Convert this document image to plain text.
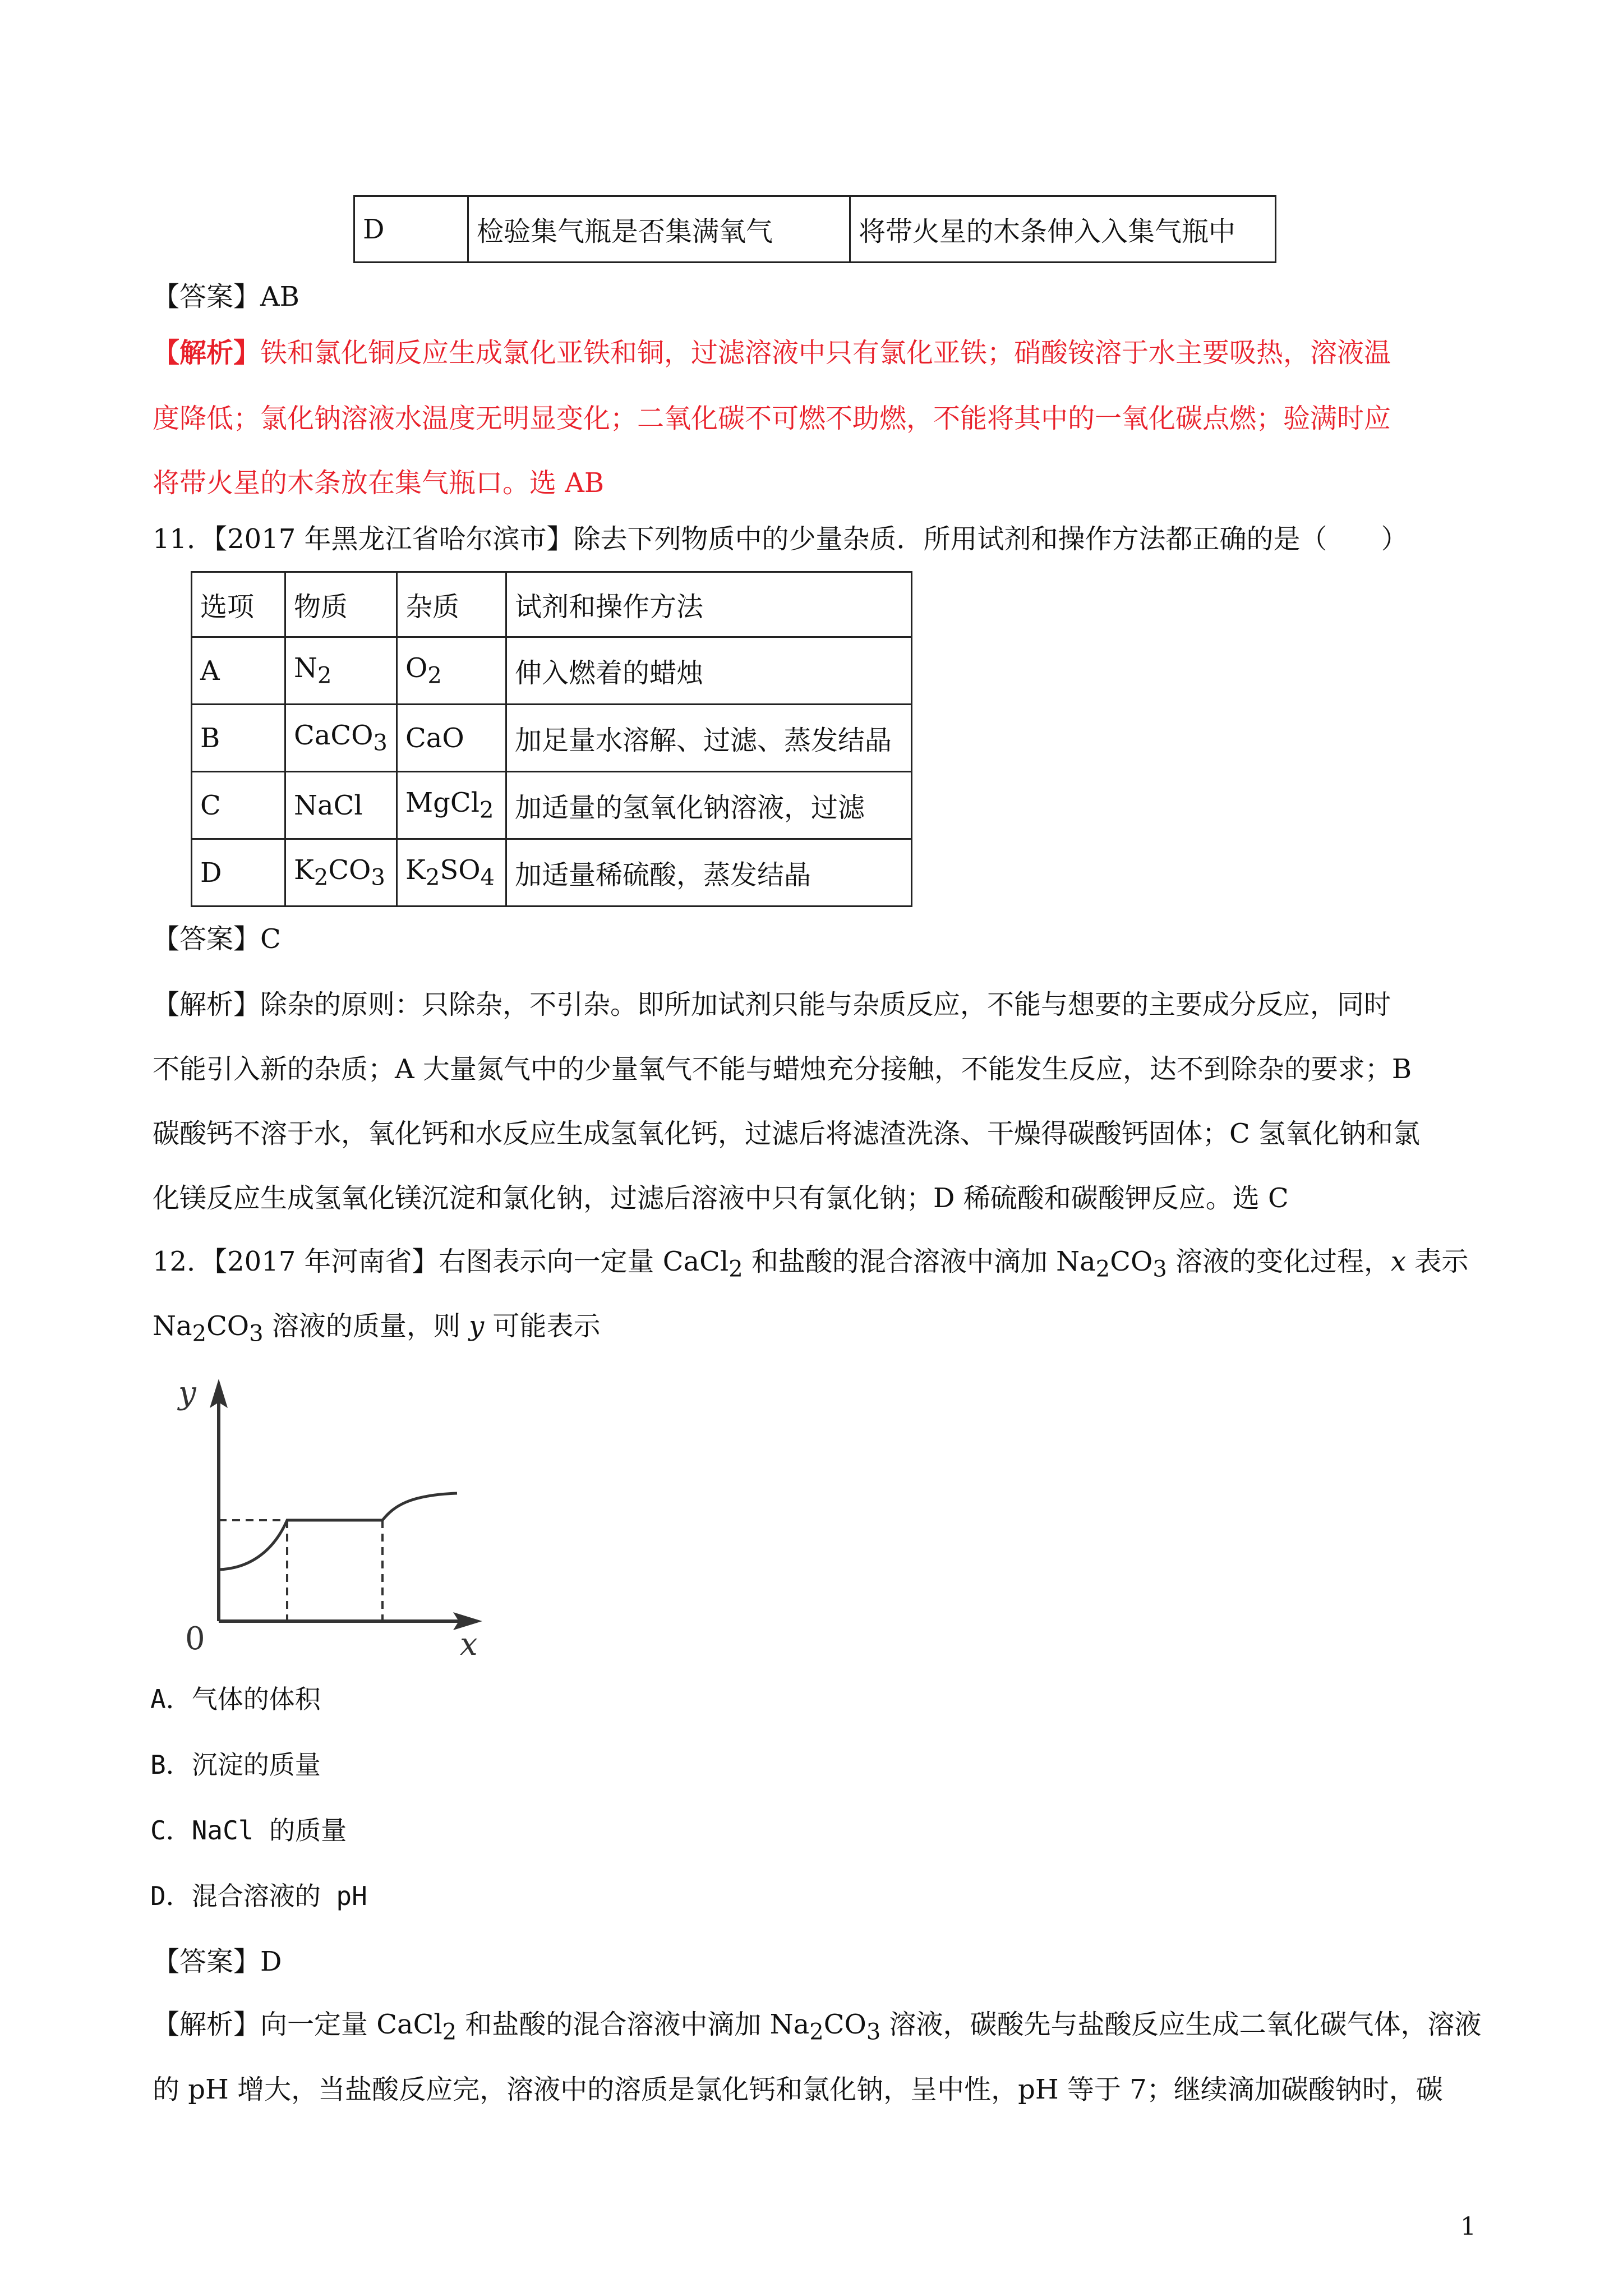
D	检验集气瓶是否集满氧气	将带火星的木条伸入入集气瓶中
【答案】AB
【解析】铁和氯化铜反应生成氯化亚铁和铜，过滤溶液中只有氯化亚铁；硝酸铵溶于水主要吸热，溶液温
度降低；氯化钠溶液水温度无明显变化；二氧化碳不可燃不助燃，不能将其中的一氧化碳点燃；验满时应
将带火星的木条放在集气瓶口。选 AB
11．【2017 年黑龙江省哈尔滨市】除去下列物质中的少量杂质．所用试剂和操作方法都正确的是（　　）
选项	物质	杂质	试剂和操作方法
A	$N_2$	$O_2$	伸入燃着的蜡烛
B	CaCO$_3$	CaO	加足量水溶解、过滤、蒸发结晶
C	NaCl	MgCl$_2$	加适量的氢氧化钠溶液，过滤
D	$K_2CO_3$	$K_2SO_4$	加适量稀硫酸，蒸发结晶
【答案】C
【解析】除杂的原则：只除杂，不引杂。即所加试剂只能与杂质反应，不能与想要的主要成分反应，同时
不能引入新的杂质；A 大量氮气中的少量氧气不能与蜡烛充分接触，不能发生反应，达不到除杂的要求；B
碳酸钙不溶于水，氧化钙和水反应生成氢氧化钙，过滤后将滤渣洗涤、干燥得碳酸钙固体；C 氢氧化钠和氯
化镁反应生成氢氧化镁沉淀和氯化钠，过滤后溶液中只有氯化钠；D 稀硫酸和碳酸钾反应。选 C
12．【2017 年河南省】右图表示向一定量 CaCl$_2$ 和盐酸的混合溶液中滴加 $Na_2CO_3$ 溶液的变化过程，x 表示
$Na_2CO_3$ 溶液的质量，则 y 可能表示
y
x
0
A．气体的体积
B．沉淀的质量
C．NaCl 的质量
D．混合溶液的 pH
【答案】D
【解析】向一定量 CaCl$_2$ 和盐酸的混合溶液中滴加 $Na_2CO_3$ 溶液，碳酸先与盐酸反应生成二氧化碳气体，溶液
的 pH 增大，当盐酸反应完，溶液中的溶质是氯化钙和氯化钠，呈中性，pH 等于 7；继续滴加碳酸钠时，碳
1
